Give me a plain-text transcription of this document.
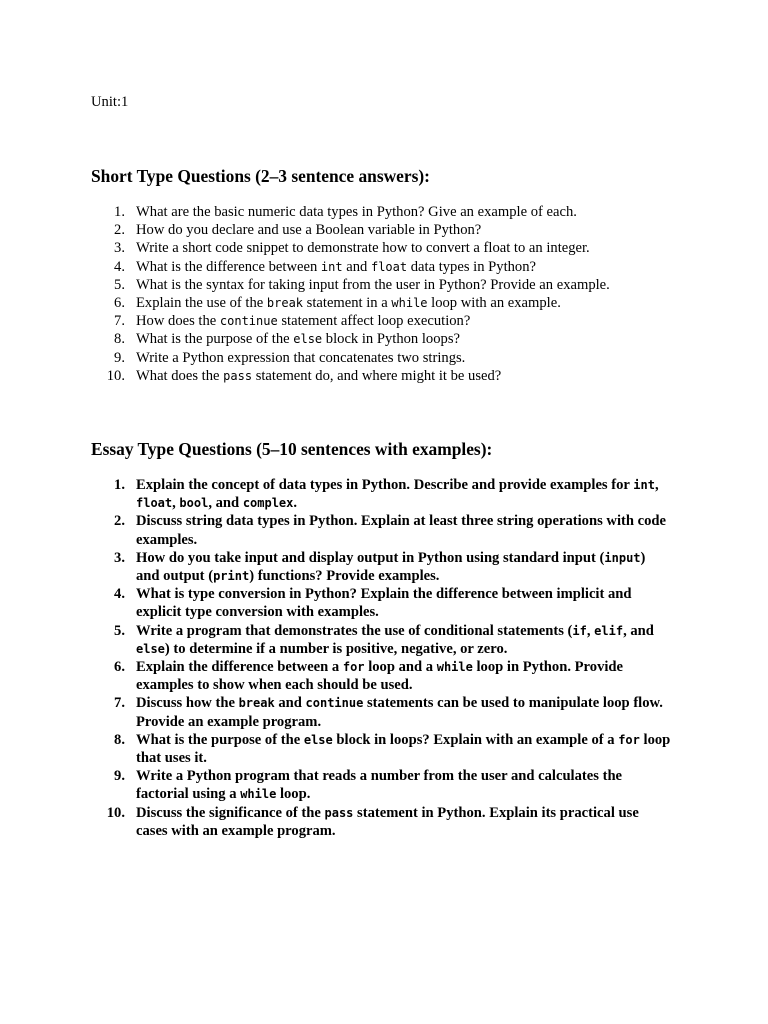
Unit:1
Short Type Questions (2–3 sentence answers):
1. What are the basic numeric data types in Python? Give an example of each.
2. How do you declare and use a Boolean variable in Python?
3. Write a short code snippet to demonstrate how to convert a float to an integer.
4. What is the difference between int and float data types in Python?
5. What is the syntax for taking input from the user in Python? Provide an example.
6. Explain the use of the break statement in a while loop with an example.
7. How does the continue statement affect loop execution?
8. What is the purpose of the else block in Python loops?
9. Write a Python expression that concatenates two strings.
10. What does the pass statement do, and where might it be used?
Essay Type Questions (5–10 sentences with examples):
1. Explain the concept of data types in Python. Describe and provide examples for int, float, bool, and complex.
2. Discuss string data types in Python. Explain at least three string operations with code examples.
3. How do you take input and display output in Python using standard input (input) and output (print) functions? Provide examples.
4. What is type conversion in Python? Explain the difference between implicit and explicit type conversion with examples.
5. Write a program that demonstrates the use of conditional statements (if, elif, and else) to determine if a number is positive, negative, or zero.
6. Explain the difference between a for loop and a while loop in Python. Provide examples to show when each should be used.
7. Discuss how the break and continue statements can be used to manipulate loop flow. Provide an example program.
8. What is the purpose of the else block in loops? Explain with an example of a for loop that uses it.
9. Write a Python program that reads a number from the user and calculates the factorial using a while loop.
10. Discuss the significance of the pass statement in Python. Explain its practical use cases with an example program.
